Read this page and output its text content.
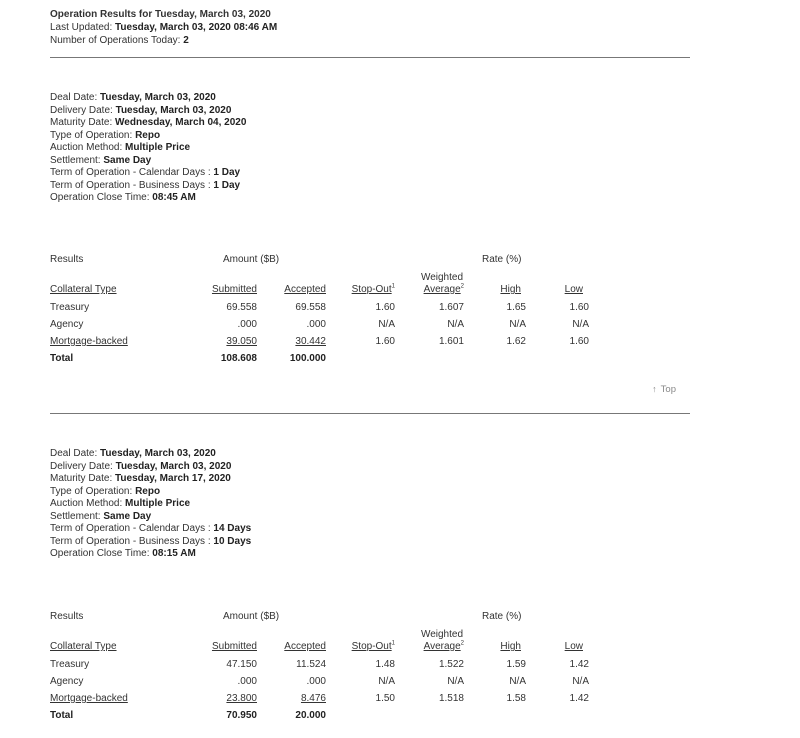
Operation Results for Tuesday, March 03, 2020
Last Updated: Tuesday, March 03, 2020 08:46 AM
Number of Operations Today: 2
Deal Date: Tuesday, March 03, 2020
Delivery Date: Tuesday, March 03, 2020
Maturity Date: Wednesday, March 04, 2020
Type of Operation: Repo
Auction Method: Multiple Price
Settlement: Same Day
Term of Operation - Calendar Days : 1 Day
Term of Operation - Business Days : 1 Day
Operation Close Time: 08:45 AM
Results	Amount ($B)	Rate (%)
Weighted
Collateral Type	Submitted	Accepted	Stop-Out$^1$	Average$^2$	High	Low
Treasury	69.558	69.558	1.60	1.607	1.65	1.60
Agency	.000	.000	N/A	N/A	N/A	N/A
Mortgage-backed	39.050	30.442	1.60	1.601	1.62	1.60
Total	108.608	100.000
↑ Top
Deal Date: Tuesday, March 03, 2020
Delivery Date: Tuesday, March 03, 2020
Maturity Date: Tuesday, March 17, 2020
Type of Operation: Repo
Auction Method: Multiple Price
Settlement: Same Day
Term of Operation - Calendar Days : 14 Days
Term of Operation - Business Days : 10 Days
Operation Close Time: 08:15 AM
Results	Amount ($B)	Rate (%)
Weighted
Collateral Type	Submitted	Accepted	Stop-Out$^1$	Average$^2$	High	Low
Treasury	47.150	11.524	1.48	1.522	1.59	1.42
Agency	.000	.000	N/A	N/A	N/A	N/A
Mortgage-backed	23.800	8.476	1.50	1.518	1.58	1.42
Total	70.950	20.000
